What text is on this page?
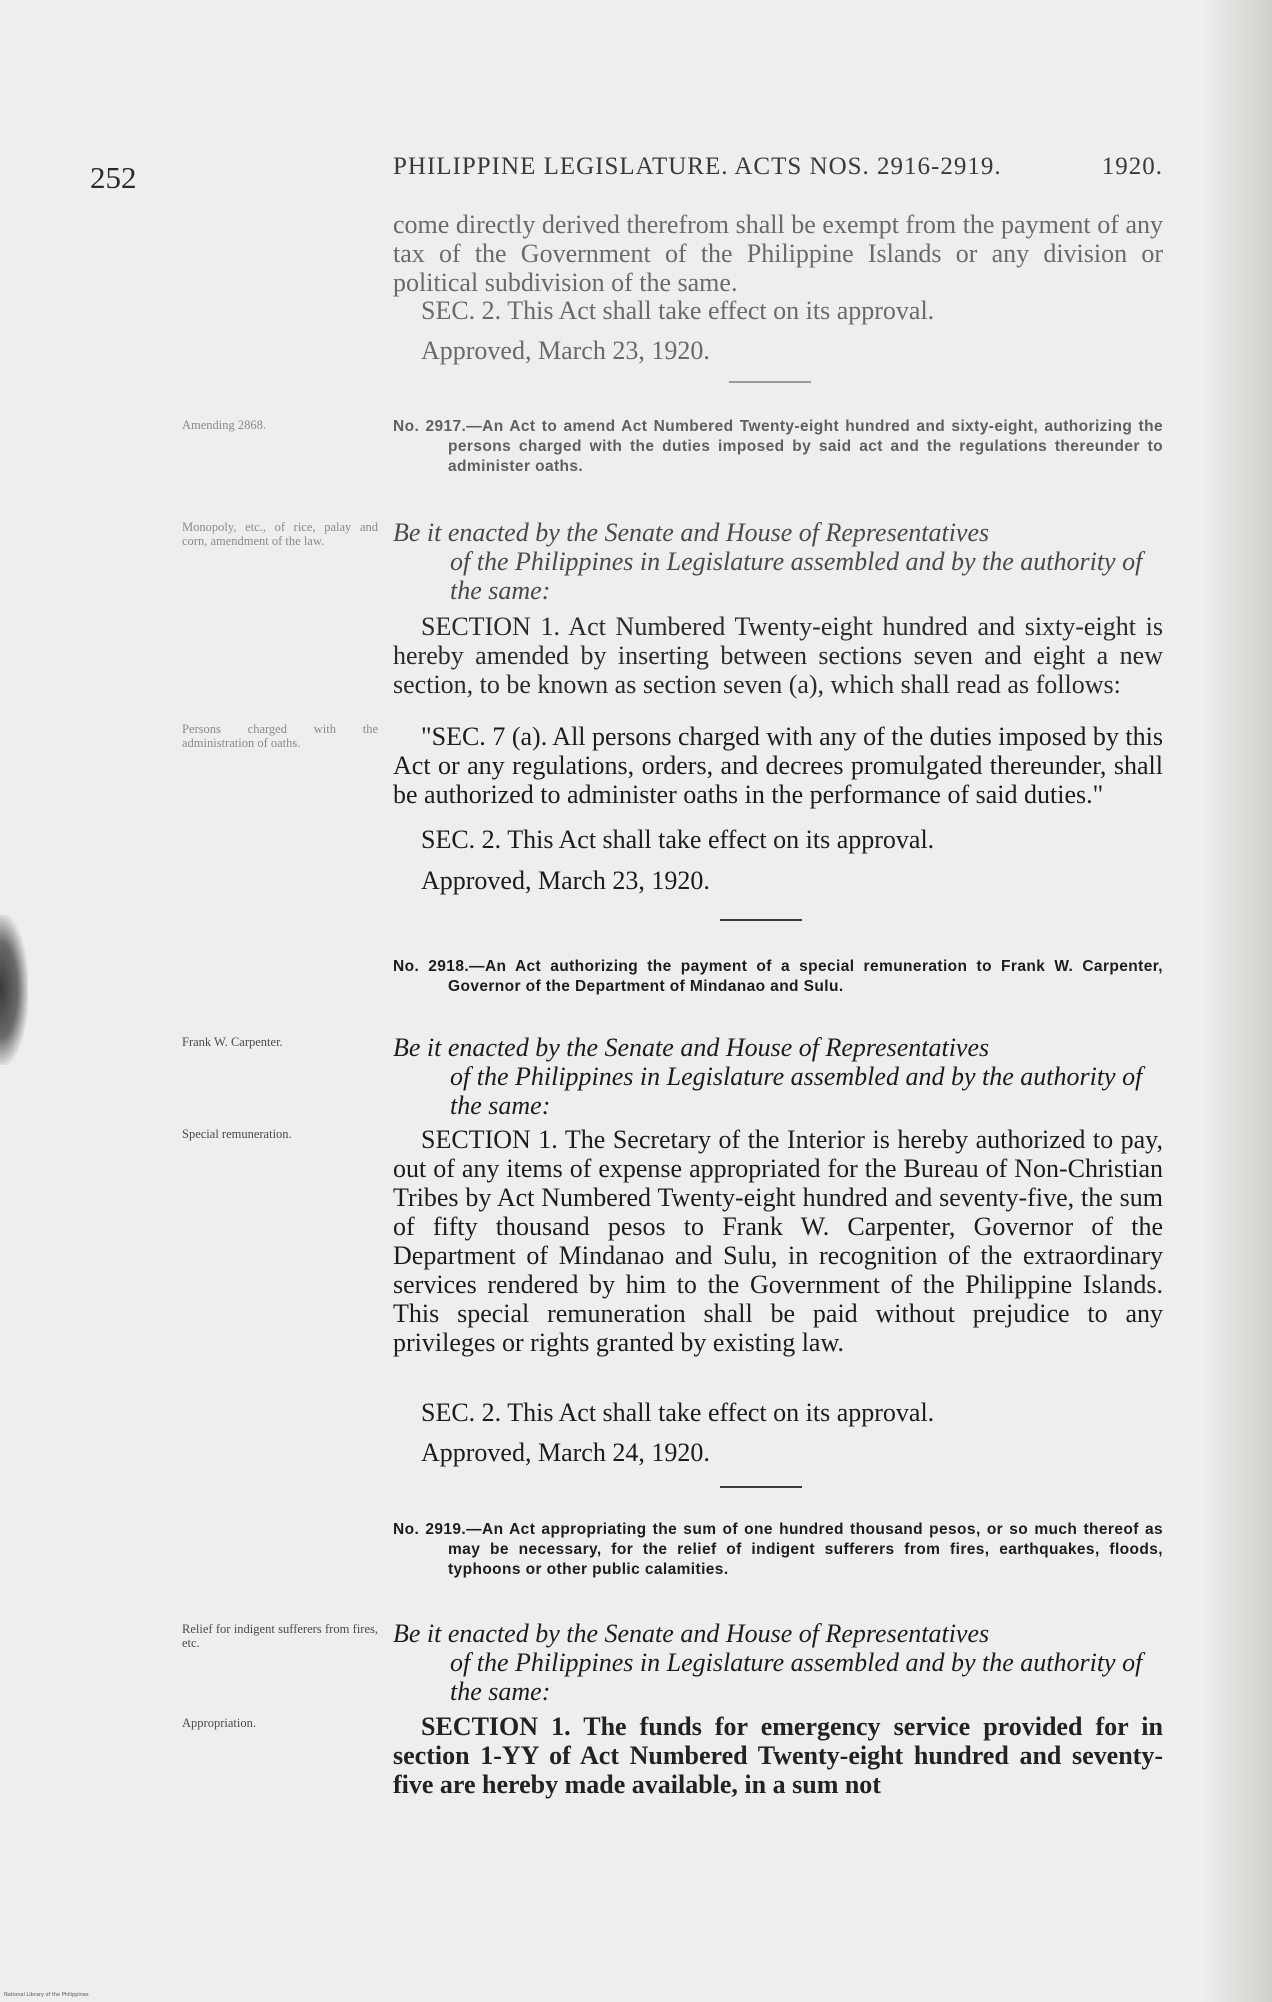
252	PHILIPPINE LEGISLATURE. ACTS NOS. 2916-2919.	1920.
come directly derived therefrom shall be exempt from the payment of any tax of the Government of the Philippine Islands or any division or political subdivision of the same.
SEC. 2. This Act shall take effect on its approval.
Approved, March 23, 1920.
Amending 2868.	No. 2917.—An Act to amend Act Numbered Twenty-eight hundred and sixty-eight, authorizing the persons charged with the duties imposed by said act and the regulations thereunder to administer oaths.
Monopoly, etc., of rice, palay and corn, amendment of the law.	Be it enacted by the Senate and House of Representatives
of the Philippines in Legislature assembled and by the authority of the same:
SECTION 1. Act Numbered Twenty-eight hundred and sixty-eight is hereby amended by inserting between sections seven and eight a new section, to be known as section seven (a), which shall read as follows:
Persons charged with the administration of oaths.	"SEC. 7 (a). All persons charged with any of the duties imposed by this Act or any regulations, orders, and decrees promulgated thereunder, shall be authorized to administer oaths in the performance of said duties."
SEC. 2. This Act shall take effect on its approval.
Approved, March 23, 1920.
No. 2918.—An Act authorizing the payment of a special remuneration to Frank W. Carpenter, Governor of the Department of Mindanao and Sulu.
Frank W. Carpenter.	Be it enacted by the Senate and House of Representatives
of the Philippines in Legislature assembled and by the authority of the same:
Special remuneration.	SECTION 1. The Secretary of the Interior is hereby authorized to pay, out of any items of expense appropriated for the Bureau of Non-Christian Tribes by Act Numbered Twenty-eight hundred and seventy-five, the sum of fifty thousand pesos to Frank W. Carpenter, Governor of the Department of Mindanao and Sulu, in recognition of the extraordinary services rendered by him to the Government of the Philippine Islands. This special remuneration shall be paid without prejudice to any privileges or rights granted by existing law.
SEC. 2. This Act shall take effect on its approval.
Approved, March 24, 1920.
No. 2919.—An Act appropriating the sum of one hundred thousand pesos, or so much thereof as may be necessary, for the relief of indigent sufferers from fires, earthquakes, floods, typhoons or other public calamities.
Relief for indigent sufferers from fires, etc.	Be it enacted by the Senate and House of Representatives
of the Philippines in Legislature assembled and by the authority of the same:
Appropriation.	SECTION 1. The funds for emergency service provided for in section 1-YY of Act Numbered Twenty-eight hundred and seventy-five are hereby made available, in a sum not
National Library of the Philippines
